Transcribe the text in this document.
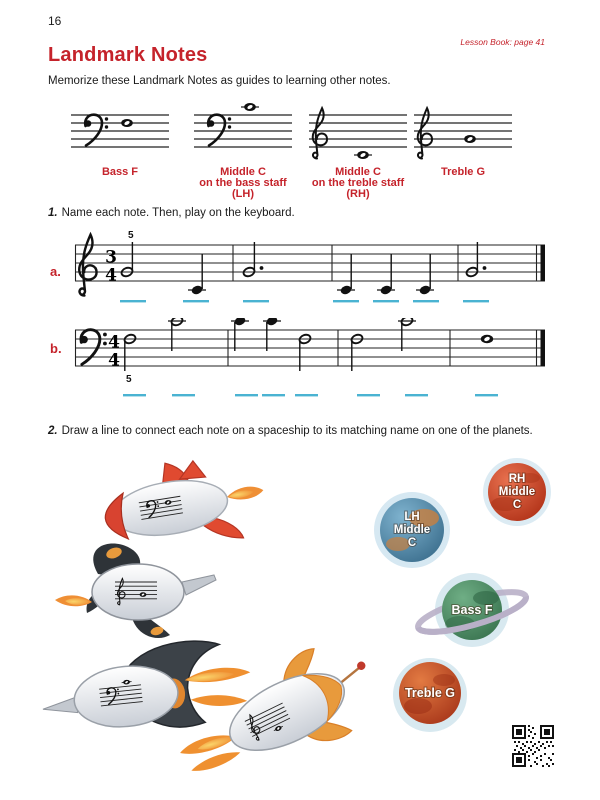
16
Lesson Book: page 41
Landmark Notes
Memorize these Landmark Notes as guides to learning other notes.
Bass F	Middle C
on the bass staff
(LH)
Middle C
on the treble staff
(RH)
Treble G
1. Name each note. Then, play on the keyboard.
a.
3
4
5
b.	4
4
5
2. Draw a line to connect each note on a spaceship to its matching name on one of the planets.
RH
Middle
C
LH
Middle
C
Bass F
Treble G
